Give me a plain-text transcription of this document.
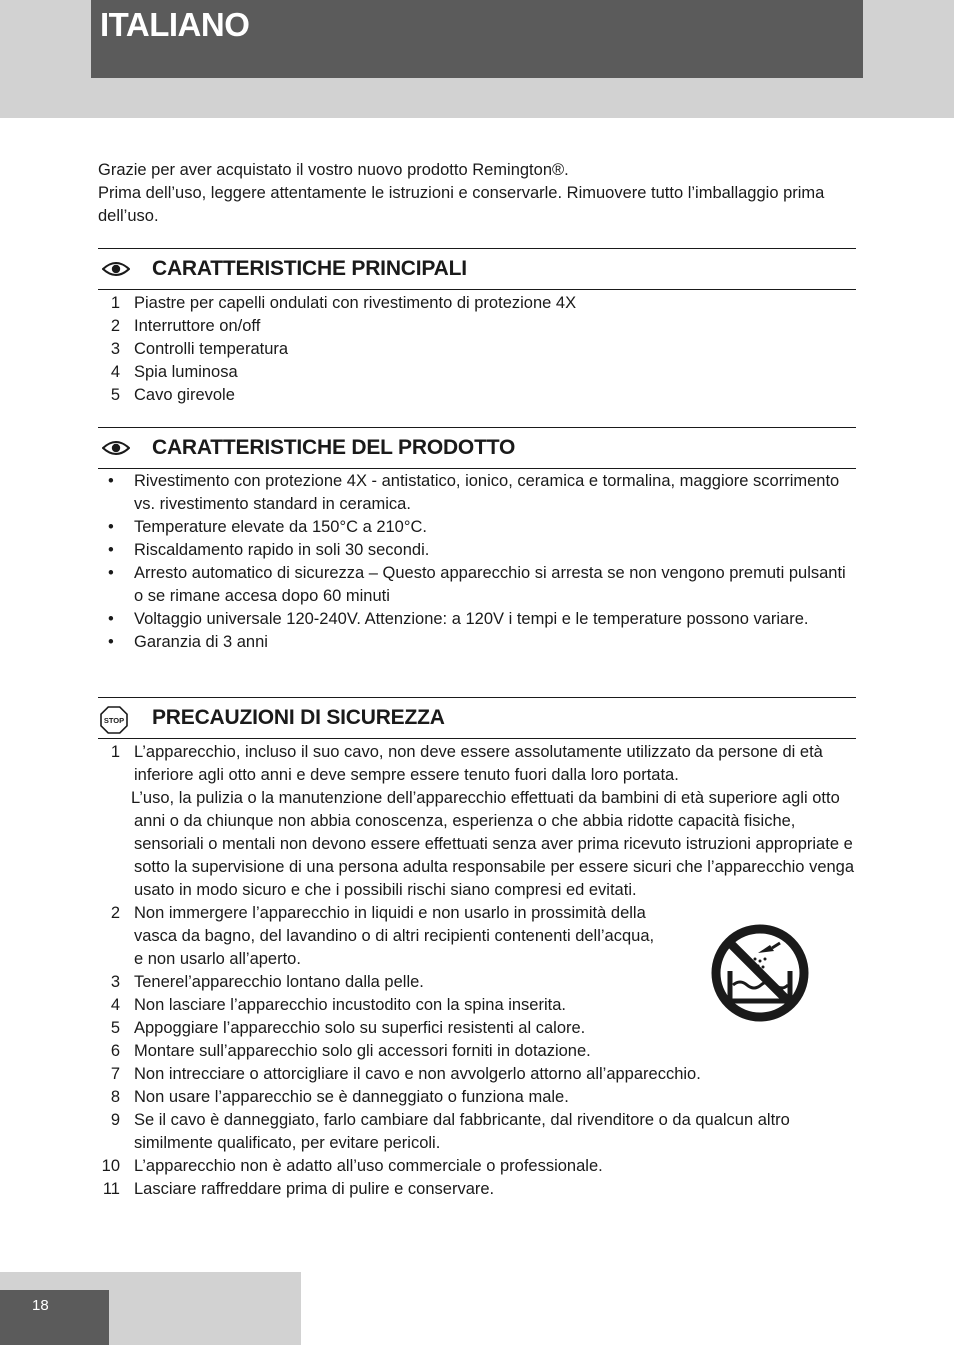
ITALIANO

Grazie per aver acquistato il vostro nuovo prodotto Remington®.

Prima dell’uso, leggere attentamente le istruzioni e conservarle. Rimuovere tutto l’imballaggio prima dell’uso.

CARATTERISTICHE PRINCIPALI
1 Piastre per capelli ondulati con rivestimento di protezione 4X

2 Interruttore on/off

3 Controlli temperatura

4 Spia luminosa

5 Cavo girevole

CARATTERISTICHE DEL PRODOTTO
• Rivestimento con protezione 4X - antistatico, ionico, ceramica e tormalina, maggiore scorrimento vs. rivestimento standard in ceramica.

• Temperature elevate da 150°C a 210°C.

• Riscaldamento rapido in soli 30 secondi.

• Arresto automatico di sicurezza – Questo apparecchio si arresta se non vengono premuti pulsanti o se rimane accesa dopo 60 minuti

• Voltaggio universale 120-240V. Attenzione: a 120V i tempi e le temperature possono variare.

• Garanzia di 3 anni

STOP PRECAUZIONI DI SICUREZZA
1 L’apparecchio, incluso il suo cavo, non deve essere assolutamente utilizzato da persone di età inferiore agli otto anni e deve sempre essere tenuto fuori dalla loro portata.

L’uso, la pulizia o la manutenzione dell’apparecchio effettuati da bambini di età superiore agli otto anni o da chiunque non abbia conoscenza, esperienza o che abbia ridotte capacità fisiche, sensoriali o mentali non devono essere effettuati senza aver prima ricevuto istruzioni appropriate e sotto la supervisione di una persona adulta responsabile per essere sicuri che l’apparecchio venga usato in modo sicuro e che i possibili rischi siano compresi ed evitati.

2 Non immergere l’apparecchio in liquidi e non usarlo in prossimità della vasca da bagno, del lavandino o di altri recipienti contenenti dell’acqua, e non usarlo all’aperto.

3 Tenerel’apparecchio lontano dalla pelle.

4 Non lasciare l’apparecchio incustodito con la spina inserita.

5 Appoggiare l’apparecchio solo su superfici resistenti al calore.

6 Montare sull’apparecchio solo gli accessori forniti in dotazione.

7 Non intrecciare o attorcigliare il cavo e non avvolgerlo attorno all’apparecchio.

8 Non usare l’apparecchio se è danneggiato o funziona male.

9 Se il cavo è danneggiato, farlo cambiare dal fabbricante, dal rivenditore o da qualcun altro similmente qualificato, per evitare pericoli.

10 L’apparecchio non è adatto all’uso commerciale o professionale.

11 Lasciare raffreddare prima di pulire e conservare.

18
